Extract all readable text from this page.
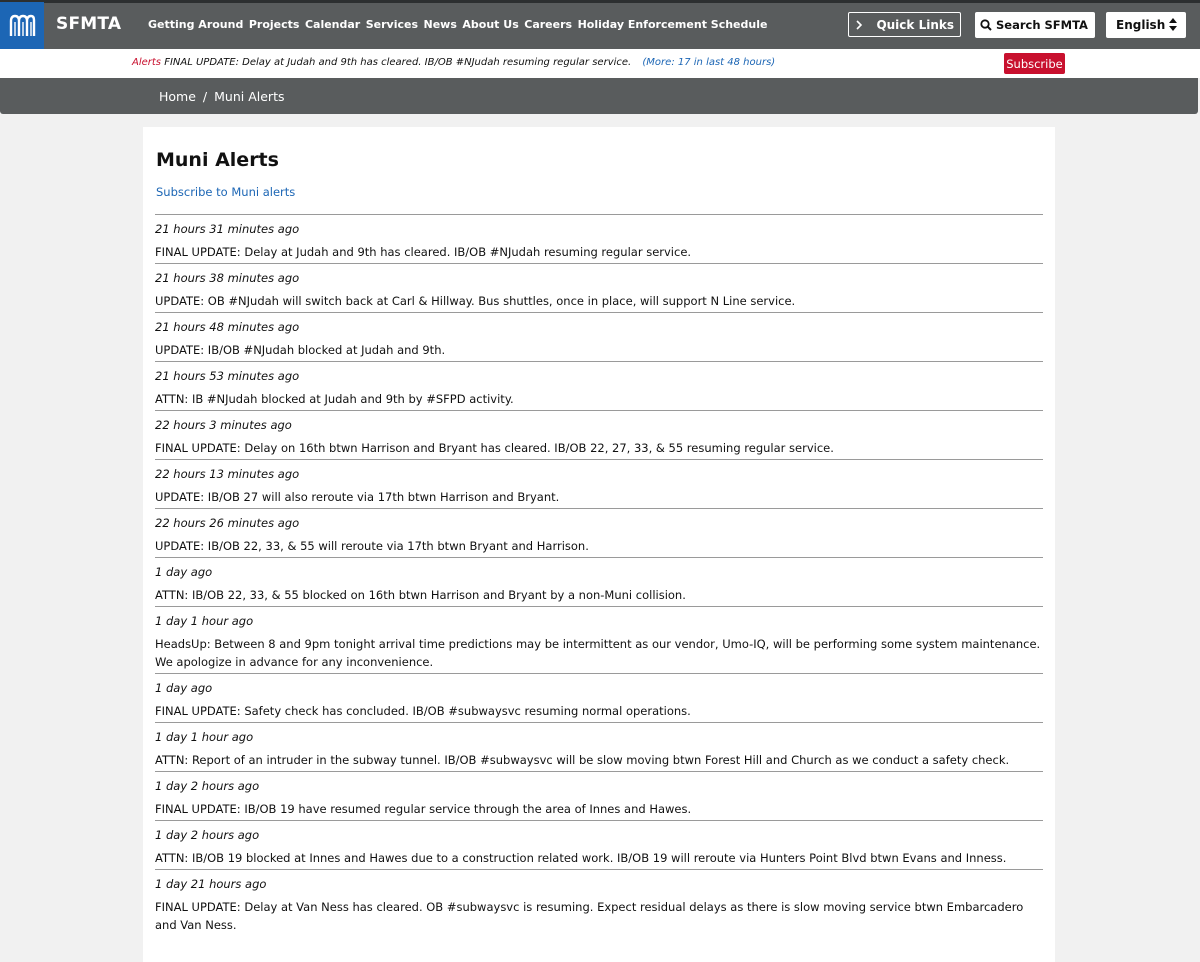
SFMTA Getting Around Projects Calendar Services News About Us Careers Holiday Enforcement Schedule	Quick Links	Search SFMTA English
Alerts FINAL UPDATE: Delay at Judah and 9th has cleared. IB/OB #NJudah resuming regular service. (More: 17 in last 48 hours)	Subscribe
Home / Muni Alerts
Muni Alerts
Subscribe to Muni alerts
21 hours 31 minutes ago
FINAL UPDATE: Delay at Judah and 9th has cleared. IB/OB #NJudah resuming regular service.
21 hours 38 minutes ago
UPDATE: OB #NJudah will switch back at Carl & Hillway. Bus shuttles, once in place, will support N Line service.
21 hours 48 minutes ago
UPDATE: IB/OB #NJudah blocked at Judah and 9th.
21 hours 53 minutes ago
ATTN: IB #NJudah blocked at Judah and 9th by #SFPD activity.
22 hours 3 minutes ago
FINAL UPDATE: Delay on 16th btwn Harrison and Bryant has cleared. IB/OB 22, 27, 33, & 55 resuming regular service.
22 hours 13 minutes ago
UPDATE: IB/OB 27 will also reroute via 17th btwn Harrison and Bryant.
22 hours 26 minutes ago
UPDATE: IB/OB 22, 33, & 55 will reroute via 17th btwn Bryant and Harrison.
1 day ago
ATTN: IB/OB 22, 33, & 55 blocked on 16th btwn Harrison and Bryant by a non-Muni collision.
1 day 1 hour ago
HeadsUp: Between 8 and 9pm tonight arrival time predictions may be intermittent as our vendor, Umo-IQ, will be performing some system maintenance. We apologize in advance for any inconvenience.
1 day ago
FINAL UPDATE: Safety check has concluded. IB/OB #subwaysvc resuming normal operations.
1 day 1 hour ago
ATTN: Report of an intruder in the subway tunnel. IB/OB #subwaysvc will be slow moving btwn Forest Hill and Church as we conduct a safety check.
1 day 2 hours ago
FINAL UPDATE: IB/OB 19 have resumed regular service through the area of Innes and Hawes.
1 day 2 hours ago
ATTN: IB/OB 19 blocked at Innes and Hawes due to a construction related work. IB/OB 19 will reroute via Hunters Point Blvd btwn Evans and Inness.
1 day 21 hours ago
FINAL UPDATE: Delay at Van Ness has cleared. OB #subwaysvc is resuming. Expect residual delays as there is slow moving service btwn Embarcadero and Van Ness.
